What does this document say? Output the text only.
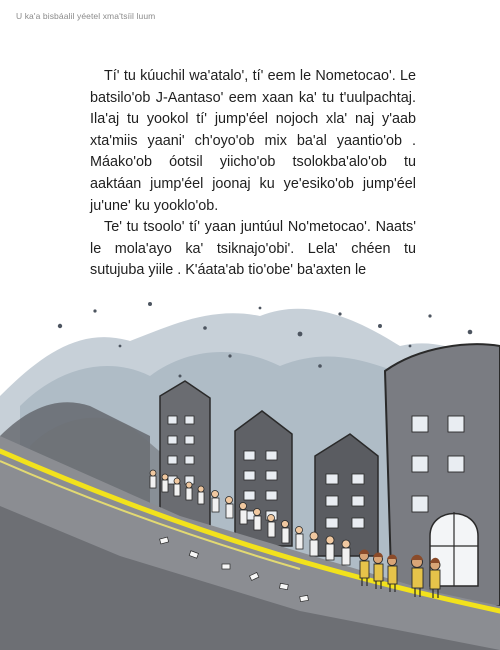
U ka'a bisbáalil yéetel xma'tsíil luum

Tí' tu kúuchil wa'atalo', tí' eem le Nometocao'. Le batsilo'ob J-Aantaso' eem xaan ka' tu t'uulpachtaj. Ila'aj tu yookol tí' jump'éel nojoch xla' naj y'aab xta'miis yaani' ch'oyo'ob mix ba'al yaantio'ob . Máako'ob óotsil yiicho'ob tsolokba'alo'ob tu aaktáan jump'éel joonaj ku ye'esiko'ob jump'éel ju'une' ku yooklo'ob.

Te' tu tsoolo' tí' yaan juntúul No'metocao'. Naats' le mola'ayo ka' tsiknajo'obi'. Lela' chéen tu sutujuba yiile . K'áata'ab tio'obe' ba'axten le
